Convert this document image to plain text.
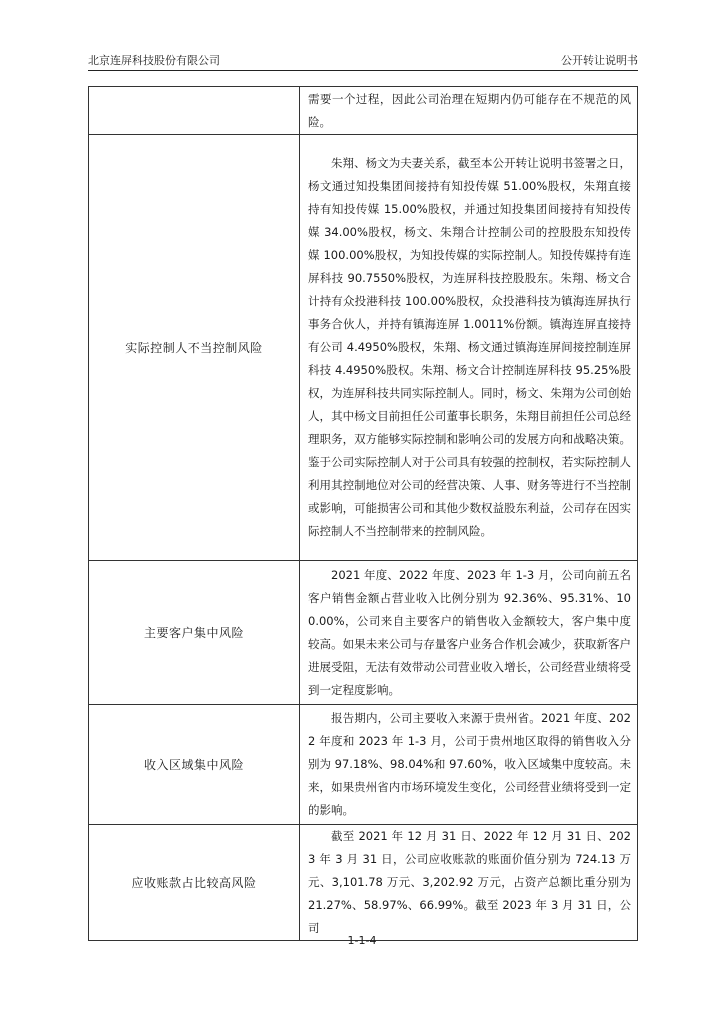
北京连屏科技股份有限公司	公开转让说明书

	需要一个过程，因此公司治理在短期内仍可能存在不规范的风险。

实际控制人不当控制风险	朱翔、杨文为夫妻关系，截至本公开转让说明书签署之日，杨文通过知投集团间接持有知投传媒 51.00%股权，朱翔直接持有知投传媒 15.00%股权，并通过知投集团间接持有知投传媒 34.00%股权，杨文、朱翔合计控制公司的控股股东知投传媒 100.00%股权，为知投传媒的实际控制人。知投传媒持有连屏科技 90.7550%股权，为连屏科技控股股东。朱翔、杨文合计持有众投港科技 100.00%股权，众投港科技为镇海连屏执行事务合伙人，并持有镇海连屏 1.0011%份额。镇海连屏直接持有公司 4.4950%股权，朱翔、杨文通过镇海连屏间接控制连屏科技 4.4950%股权。朱翔、杨文合计控制连屏科技 95.25%股权，为连屏科技共同实际控制人。同时，杨文、朱翔为公司创始人，其中杨文目前担任公司董事长职务，朱翔目前担任公司总经理职务，双方能够实际控制和影响公司的发展方向和战略决策。鉴于公司实际控制人对于公司具有较强的控制权，若实际控制人利用其控制地位对公司的经营决策、人事、财务等进行不当控制或影响，可能损害公司和其他少数权益股东利益，公司存在因实际控制人不当控制带来的控制风险。

主要客户集中风险	2021 年度、2022 年度、2023 年 1-3 月，公司向前五名客户销售金额占营业收入比例分别为 92.36%、95.31%、100.00%，公司来自主要客户的销售收入金额较大，客户集中度较高。如果未来公司与存量客户业务合作机会减少，获取新客户进展受阻，无法有效带动公司营业收入增长，公司经营业绩将受到一定程度影响。

收入区域集中风险	报告期内，公司主要收入来源于贵州省。2021 年度、2022 年度和 2023 年 1-3 月，公司于贵州地区取得的销售收入分别为 97.18%、98.04%和 97.60%，收入区域集中度较高。未来，如果贵州省内市场环境发生变化，公司经营业绩将受到一定的影响。

应收账款占比较高风险	截至 2021 年 12 月 31 日、2022 年 12 月 31 日、2023 年 3 月 31 日，公司应收账款的账面价值分别为 724.13 万元、3,101.78 万元、3,202.92 万元，占资产总额比重分别为 21.27%、58.97%、66.99%。截至 2023 年 3 月 31 日，公司

1-1-4
